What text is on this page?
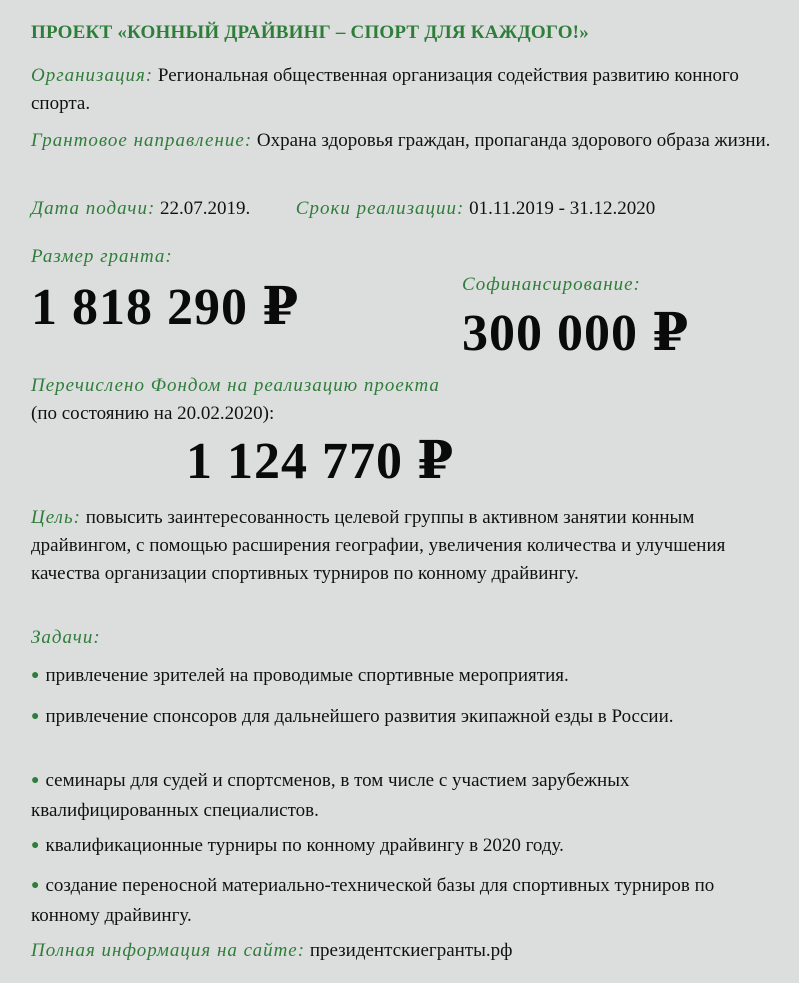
ПРОЕКТ «КОННЫЙ ДРАЙВИНГ – СПОРТ ДЛЯ КАЖДОГО!»
Организация: Региональная общественная организация содействия развитию конного спорта.
Грантовое направление: Охрана здоровья граждан, пропаганда здорового образа жизни.
Дата подачи: 22.07.2019. Сроки реализации: 01.11.2019 - 31.12.2020
Размер гранта:
1 818 290 ₽	Софинансирование:
300 000 ₽
Перечислено Фондом на реализацию проекта
(по состоянию на 20.02.2020):
1 124 770 ₽
Цель: повысить заинтересованность целевой группы в активном занятии конным драйвингом, с помощью расширения географии, увеличения количества и улучшения качества организации спортивных турниров по конному драйвингу.
Задачи:
● привлечение зрителей на проводимые спортивные мероприятия.
● привлечение спонсоров для дальнейшего развития экипажной езды в России.
● семинары для судей и спортсменов, в том числе с участием зарубежных квалифицированных специалистов.
● квалификационные турниры по конному драйвингу в 2020 году.
● создание переносной материально-технической базы для спортивных турниров по конному драйвингу.
Полная информация на сайте: президентскиегранты.рф
